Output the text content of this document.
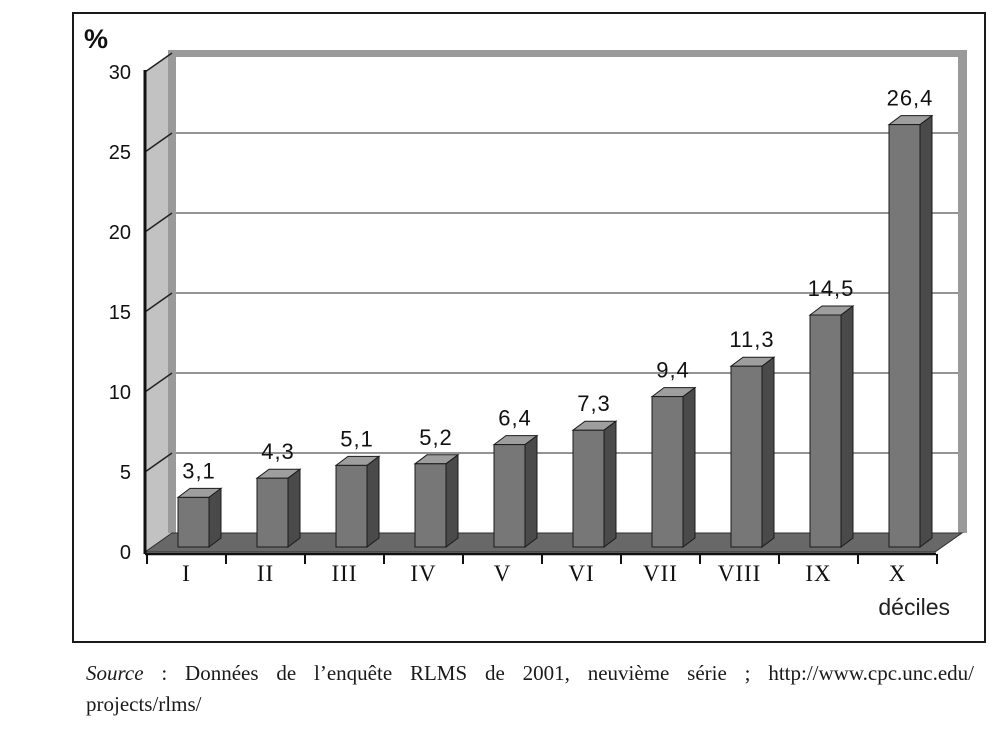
3,1
I
4,3
II
5,1
III
5,2
IV
6,4
V
7,3
VI
9,4
VII
11,3
VIII
14,5
IX
26,4
X
0
5
10
15
20
25
30
%
déciles

Source : Données de l’enquête RLMS de 2001, neuvième série ; http://www.cpc.unc.edu/

projects/rlms/
